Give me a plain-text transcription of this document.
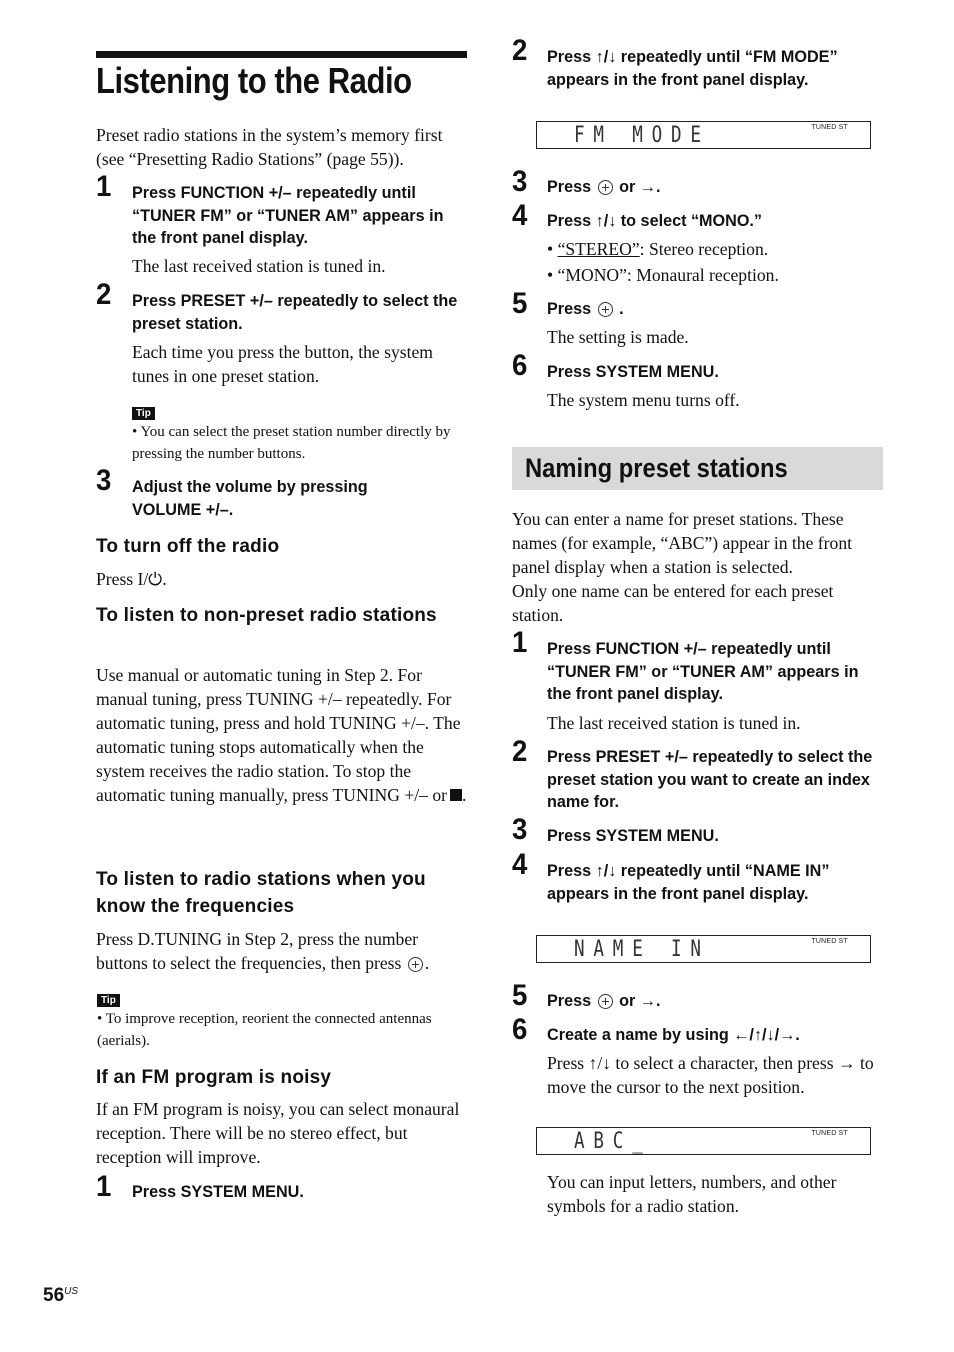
Listening to the Radio
Preset radio stations in the system’s memory first (see “Presetting Radio Stations” (page 55)).
1 Press FUNCTION +/– repeatedly until “TUNER FM” or “TUNER AM” appears in the front panel display.
The last received station is tuned in.
2 Press PRESET +/– repeatedly to select the preset station.
Each time you press the button, the system tunes in one preset station.
Tip
• You can select the preset station number directly by pressing the number buttons.
3 Adjust the volume by pressing VOLUME +/–.
To turn off the radio
Press I/⏻.
To listen to non-preset radio stations
Use manual or automatic tuning in Step 2. For manual tuning, press TUNING +/– repeatedly. For automatic tuning, press and hold TUNING +/–. The automatic tuning stops automatically when the system receives the radio station. To stop the automatic tuning manually, press TUNING +/– or .
To listen to radio stations when you know the frequencies
Press D.TUNING in Step 2, press the number buttons to select the frequencies, then press .
Tip
• To improve reception, reorient the connected antennas (aerials).
If an FM program is noisy
If an FM program is noisy, you can select monaural reception. There will be no stereo effect, but reception will improve.
1 Press SYSTEM MENU.
2 Press ↑/↓ repeatedly until “FM MODE” appears in the front panel display.
FM MODE	TUNED ST
3 Press or →.
4 Press ↑/↓ to select “MONO.”
• “STEREO”: Stereo reception.
• “MONO”: Monaural reception.
5 Press .
The setting is made.
6 Press SYSTEM MENU.
The system menu turns off.
Naming preset stations
You can enter a name for preset stations. These names (for example, “ABC”) appear in the front panel display when a station is selected.
Only one name can be entered for each preset station.
1 Press FUNCTION +/– repeatedly until “TUNER FM” or “TUNER AM” appears in the front panel display.
The last received station is tuned in.
2 Press PRESET +/– repeatedly to select the preset station you want to create an index name for.
3 Press SYSTEM MENU.
4 Press ↑/↓ repeatedly until “NAME IN” appears in the front panel display.
NAME IN	TUNED ST
5 Press or →.
6 Create a name by using ←/↑/↓/→.
Press ↑/↓ to select a character, then press → to move the cursor to the next position.
ABC_	TUNED ST
You can input letters, numbers, and other symbols for a radio station.
56$^{US}$
